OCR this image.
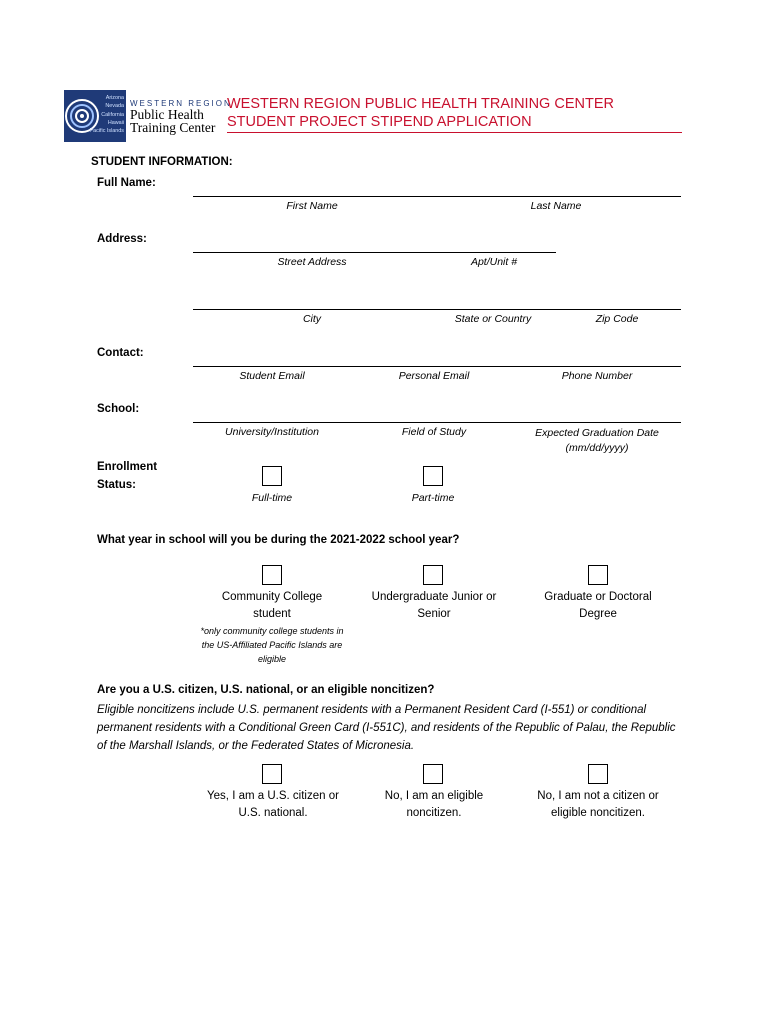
Arizona
Nevada
California
Hawaii
Pacific Islands
WESTERN REGION
Public Health
Training Center
WESTERN REGION PUBLIC HEALTH TRAINING CENTER
STUDENT PROJECT STIPEND APPLICATION
STUDENT INFORMATION:
Full Name:
First Name	Last Name
Address:
Street Address	Apt/Unit #
City	State or Country	Zip Code
Contact:
Student Email	Personal Email	Phone Number
School:
University/Institution	Field of Study	Expected Graduation Date (mm/dd/yyyy)
Enrollment Status:
Full-time	Part-time
What year in school will you be during the 2021-2022 school year?
Community College student
*only community college students in the US-Affiliated Pacific Islands are eligible
Undergraduate Junior or Senior
Graduate or Doctoral Degree
Are you a U.S. citizen, U.S. national, or an eligible noncitizen?
Eligible noncitizens include U.S. permanent residents with a Permanent Resident Card (I-551) or conditional permanent residents with a Conditional Green Card (I-551C), and residents of the Republic of Palau, the Republic of the Marshall Islands, or the Federated States of Micronesia.
Yes, I am a U.S. citizen or U.S. national.
No, I am an eligible noncitizen.
No, I am not a citizen or eligible noncitizen.
